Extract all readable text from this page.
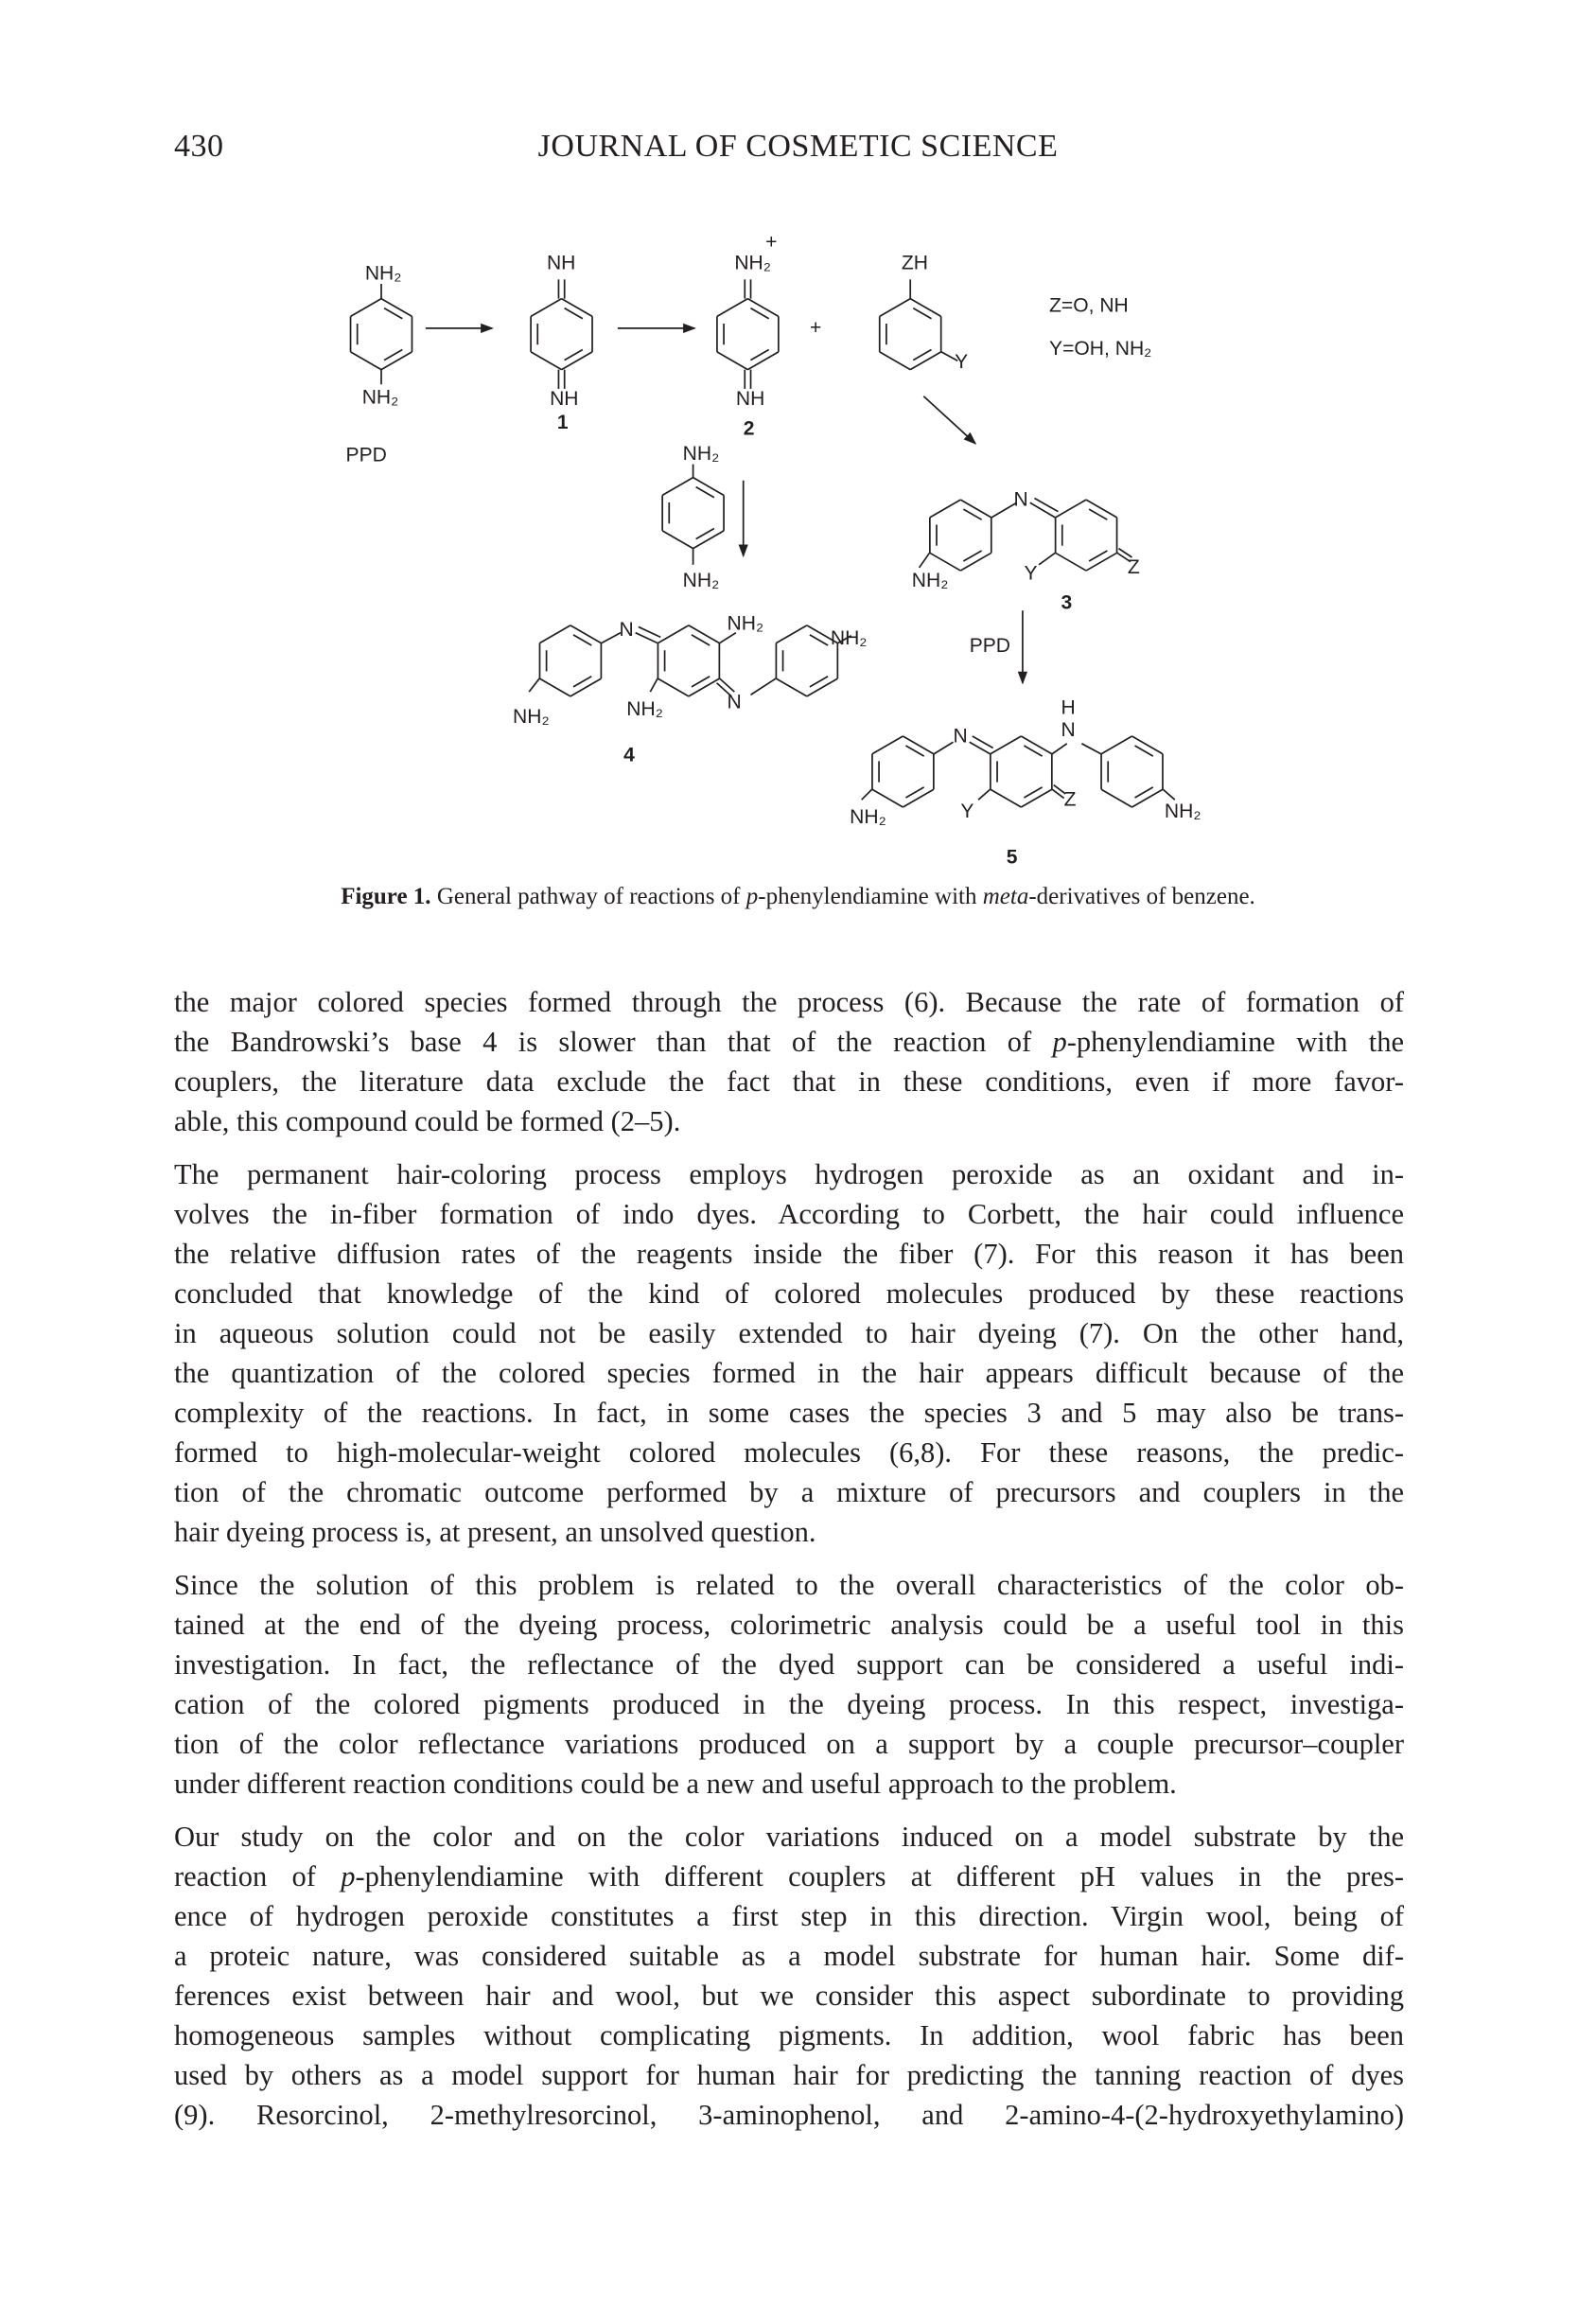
430	JOURNAL OF COSMETIC SCIENCE
NH₂
NH₂
PPD
NH
NH
1
NH₂
+
NH
2
+
ZH
Y
Z=O, NH
Y=OH, NH₂
NH₂
NH₂
N
NH₂	Y	Z
3
PPD
N	NH₂
N
NH₂
NH₂	NH₂
4
N
H
N
NH₂	Y
Z
NH₂
5
Figure 1. General pathway of reactions of p-phenylendiamine with meta-derivatives of benzene.
the major colored species formed through the process (6). Because the rate of formation of
the Bandrowski’s base 4 is slower than that of the reaction of p-phenylendiamine with the
couplers, the literature data exclude the fact that in these conditions, even if more favor-
able, this compound could be formed (2–5).
The permanent hair-coloring process employs hydrogen peroxide as an oxidant and in-
volves the in-fiber formation of indo dyes. According to Corbett, the hair could influence
the relative diffusion rates of the reagents inside the fiber (7). For this reason it has been
concluded that knowledge of the kind of colored molecules produced by these reactions
in aqueous solution could not be easily extended to hair dyeing (7). On the other hand,
the quantization of the colored species formed in the hair appears difficult because of the
complexity of the reactions. In fact, in some cases the species 3 and 5 may also be trans-
formed to high-molecular-weight colored molecules (6,8). For these reasons, the predic-
tion of the chromatic outcome performed by a mixture of precursors and couplers in the
hair dyeing process is, at present, an unsolved question.
Since the solution of this problem is related to the overall characteristics of the color ob-
tained at the end of the dyeing process, colorimetric analysis could be a useful tool in this
investigation. In fact, the reflectance of the dyed support can be considered a useful indi-
cation of the colored pigments produced in the dyeing process. In this respect, investiga-
tion of the color reflectance variations produced on a support by a couple precursor–coupler
under different reaction conditions could be a new and useful approach to the problem.
Our study on the color and on the color variations induced on a model substrate by the
reaction of p-phenylendiamine with different couplers at different pH values in the pres-
ence of hydrogen peroxide constitutes a first step in this direction. Virgin wool, being of
a proteic nature, was considered suitable as a model substrate for human hair. Some dif-
ferences exist between hair and wool, but we consider this aspect subordinate to providing
homogeneous samples without complicating pigments. In addition, wool fabric has been
used by others as a model support for human hair for predicting the tanning reaction of dyes
(9). Resorcinol, 2-methylresorcinol, 3-aminophenol, and 2-amino-4-(2-hydroxyethylamino)
